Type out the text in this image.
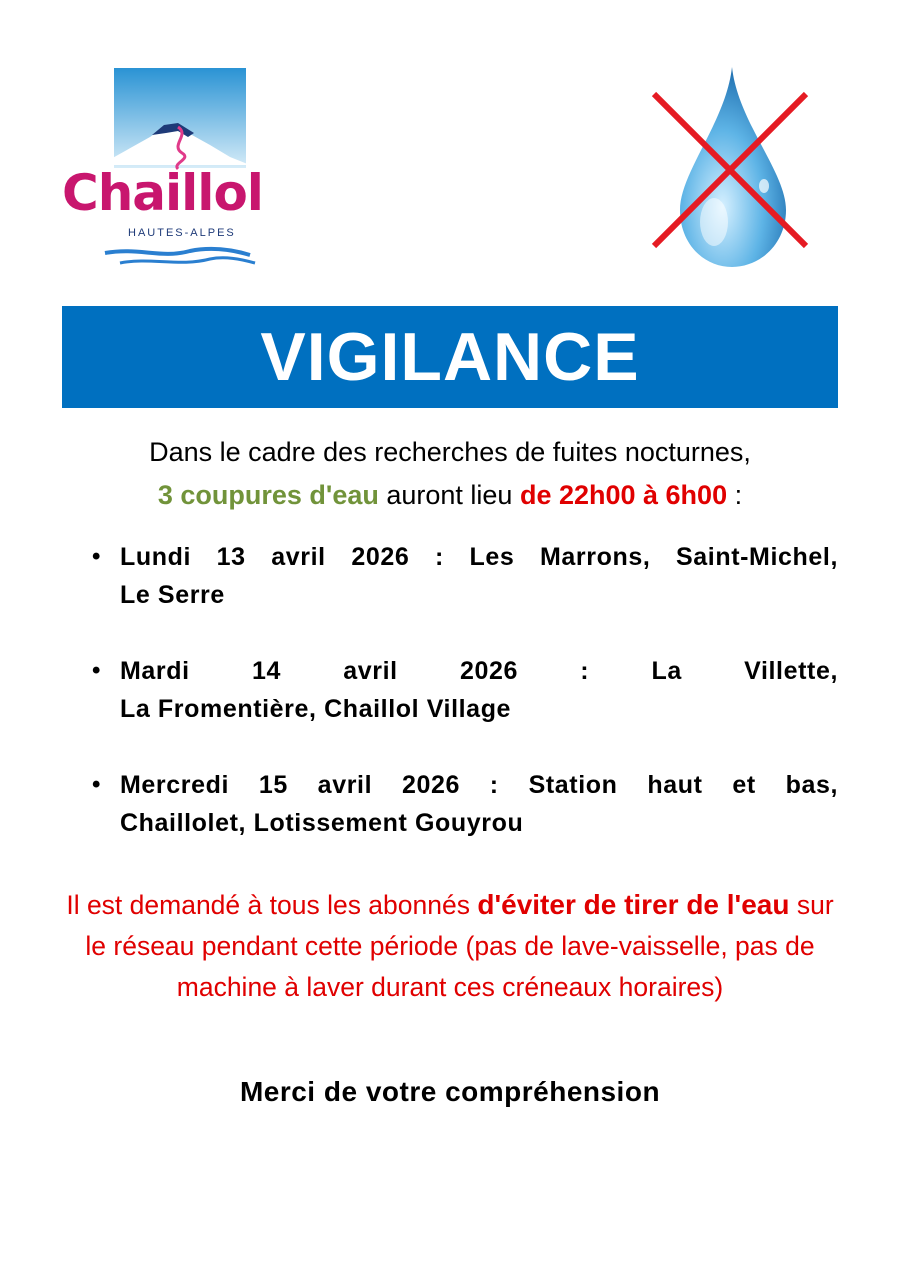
Chaillol
HAUTES-ALPES
VIGILANCE
Dans le cadre des recherches de fuites nocturnes,
3 coupures d'eau auront lieu de 22h00 à 6h00 :
• Lundi 13 avril 2026 : Les Marrons, Saint-Michel,
Le Serre
• Mardi 14 avril 2026 : La Villette,
La Fromentière, Chaillol Village
• Mercredi 15 avril 2026 : Station haut et bas,
Chaillolet, Lotissement Gouyrou
Il est demandé à tous les abonnés d'éviter de tirer de l'eau sur le réseau pendant cette période (pas de lave-vaisselle, pas de machine à laver durant ces créneaux horaires)
Merci de votre compréhension
